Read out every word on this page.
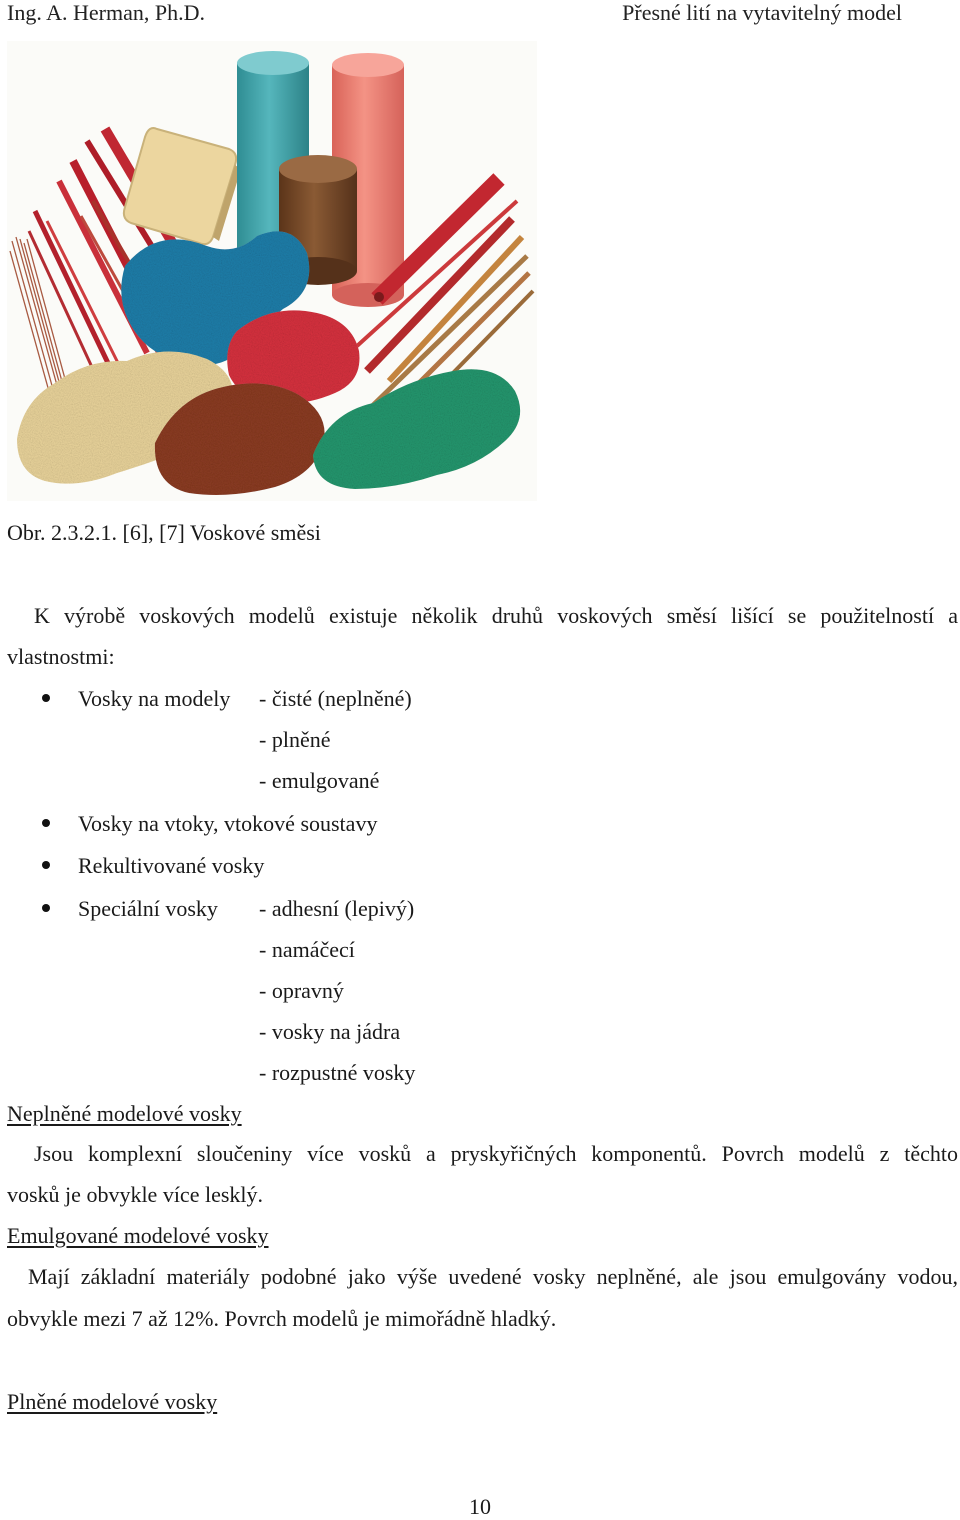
Ing. A. Herman, Ph.D.	Přesné lití na vytavitelný model
Obr. 2.3.2.1. [6], [7] Voskové směsi
K výrobě voskových modelů existuje několik druhů voskových směsí lišící se použitelností a
vlastnostmi:
Vosky na modely - čisté (neplněné)
- plněné
- emulgované
Vosky na vtoky, vtokové soustavy
Rekultivované vosky
Speciální vosky - adhesní (lepivý)
- namáčecí
- opravný
- vosky na jádra
- rozpustné vosky
Neplněné modelové vosky
Jsou komplexní sloučeniny více vosků a pryskyřičných komponentů. Povrch modelů z těchto
vosků je obvykle více lesklý.
Emulgované modelové vosky
Mají základní materiály podobné jako výše uvedené vosky neplněné, ale jsou emulgovány vodou,
obvykle mezi 7 až 12%. Povrch modelů je mimořádně hladký.
Plněné modelové vosky
10
